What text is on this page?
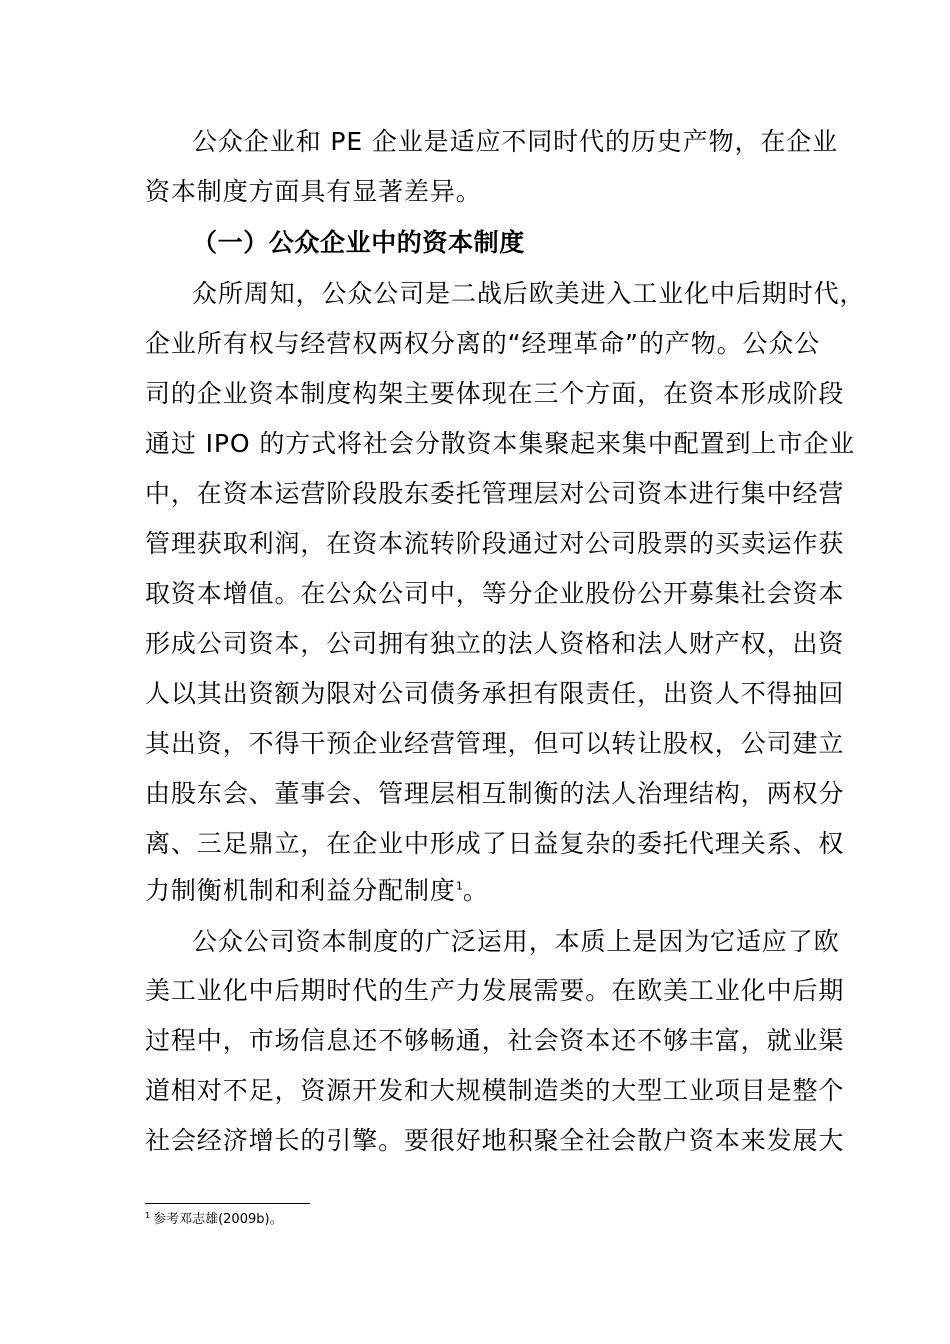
公众企业和 PE 企业是适应不同时代的历史产物，在企业
资本制度方面具有显著差异。
（一）公众企业中的资本制度
众所周知，公众公司是二战后欧美进入工业化中后期时代，
企业所有权与经营权两权分离的“经理革命”的产物。公众公
司的企业资本制度构架主要体现在三个方面，在资本形成阶段
通过 IPO 的方式将社会分散资本集聚起来集中配置到上市企业
中，在资本运营阶段股东委托管理层对公司资本进行集中经营
管理获取利润，在资本流转阶段通过对公司股票的买卖运作获
取资本增值。在公众公司中，等分企业股份公开募集社会资本
形成公司资本，公司拥有独立的法人资格和法人财产权，出资
人以其出资额为限对公司债务承担有限责任，出资人不得抽回
其出资，不得干预企业经营管理，但可以转让股权，公司建立
由股东会、董事会、管理层相互制衡的法人治理结构，两权分
离、三足鼎立，在企业中形成了日益复杂的委托代理关系、权
力制衡机制和利益分配制度$^1$。
公众公司资本制度的广泛运用，本质上是因为它适应了欧
美工业化中后期时代的生产力发展需要。在欧美工业化中后期
过程中，市场信息还不够畅通，社会资本还不够丰富，就业渠
道相对不足，资源开发和大规模制造类的大型工业项目是整个
社会经济增长的引擎。要很好地积聚全社会散户资本来发展大
$^1$ 参考邓志雄(2009b)。
